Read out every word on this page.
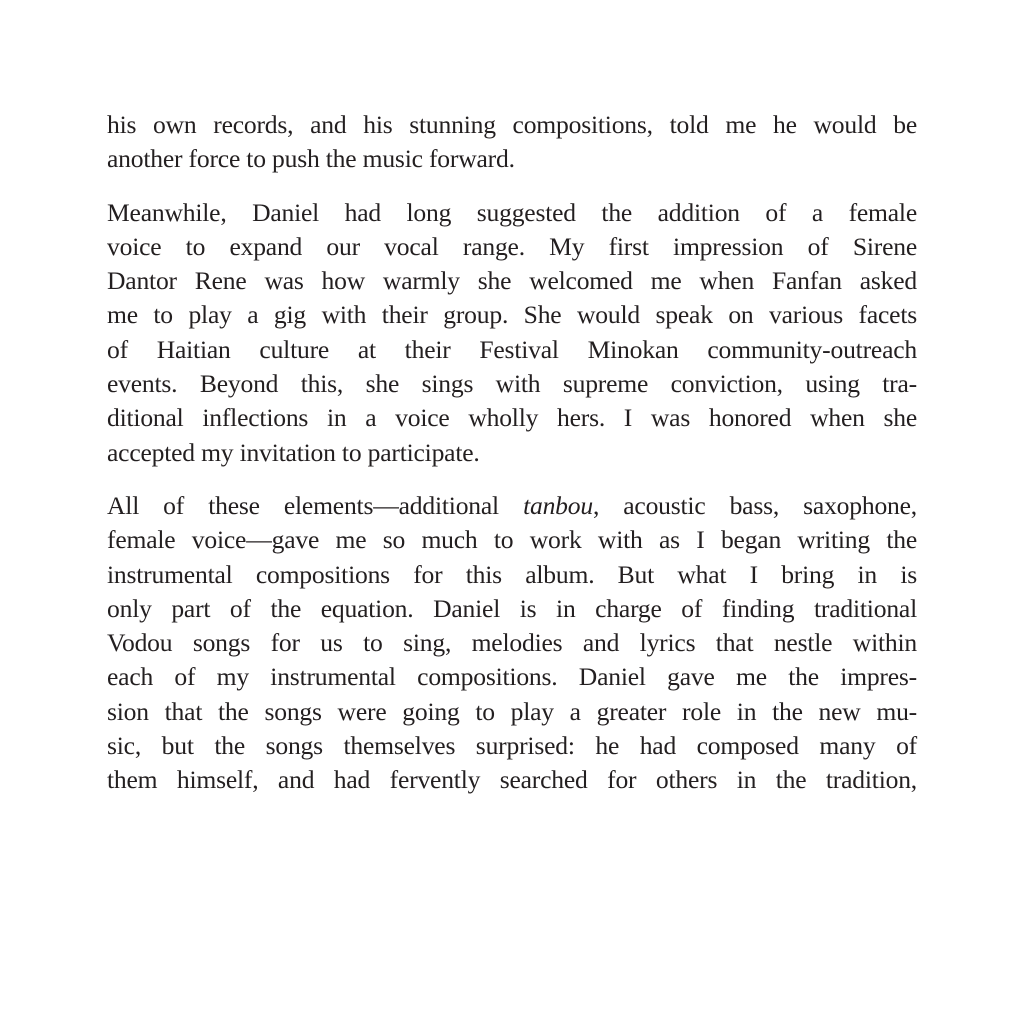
his own records, and his stunning compositions, told me he would be
another force to push the music forward.
Meanwhile, Daniel had long suggested the addition of a female
voice to expand our vocal range. My first impression of Sirene
Dantor Rene was how warmly she welcomed me when Fanfan asked
me to play a gig with their group. She would speak on various facets
of Haitian culture at their Festival Minokan community-outreach
events. Beyond this, she sings with supreme conviction, using tra-
ditional inflections in a voice wholly hers. I was honored when she
accepted my invitation to participate.
All of these elements—additional tanbou, acoustic bass, saxophone,
female voice—gave me so much to work with as I began writing the
instrumental compositions for this album. But what I bring in is
only part of the equation. Daniel is in charge of finding traditional
Vodou songs for us to sing, melodies and lyrics that nestle within
each of my instrumental compositions. Daniel gave me the impres-
sion that the songs were going to play a greater role in the new mu-
sic, but the songs themselves surprised: he had composed many of
them himself, and had fervently searched for others in the tradition,
